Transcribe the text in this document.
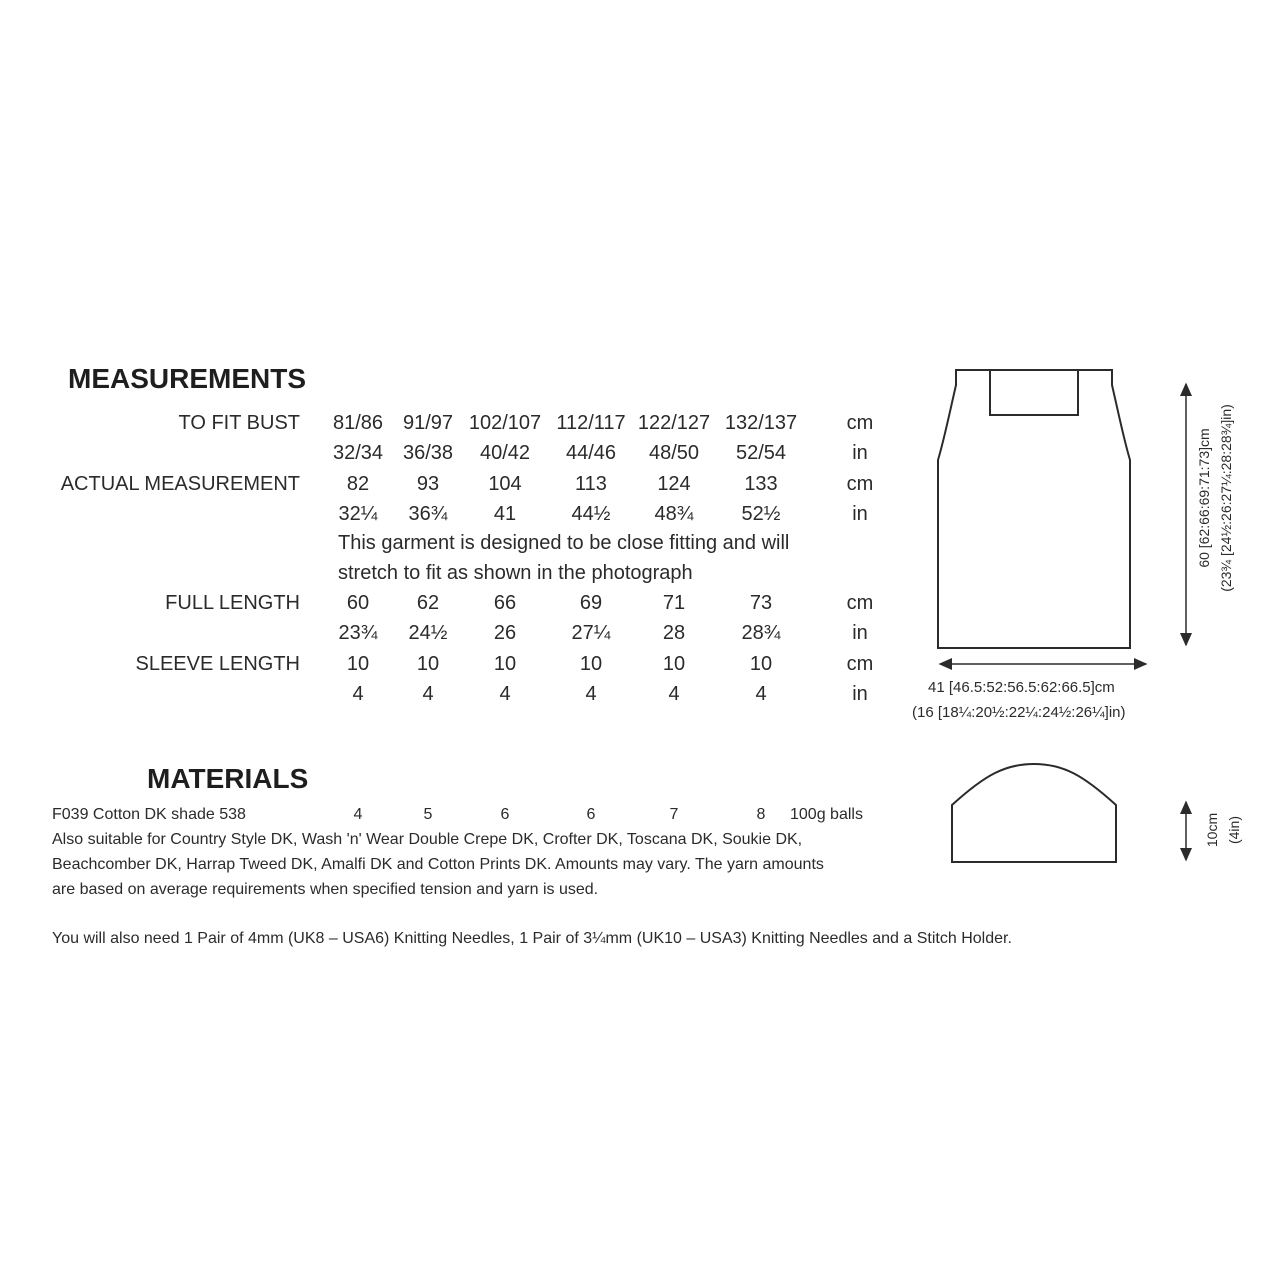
MEASUREMENTS
TO FIT BUST	81/86 91/97 102/107 112/117 122/127 132/137	cm
32/34 36/38	40/42	44/46	48/50	52/54	in
ACTUAL MEASUREMENT	82	93	104	113	124	133	cm
32¼	36¾	41	44½	48¾	52½	in
FULL LENGTH	60	62	66	69	71	73	cm
23¾	24½	26	27¼	28	28¾	in
SLEEVE LENGTH	10	10	10	10	10	10	cm
4	4	4	4	4	4	in
This garment is designed to be close fitting and will
stretch to fit as shown in the photograph
MATERIALS
F039 Cotton DK shade 538	4	5	6	6	7	8	100g balls
Also suitable for Country Style DK, Wash 'n' Wear Double Crepe DK, Crofter DK, Toscana DK, Soukie DK,
Beachcomber DK, Harrap Tweed DK, Amalfi DK and Cotton Prints DK. Amounts may vary. The yarn amounts
are based on average requirements when specified tension and yarn is used.
You will also need 1 Pair of 4mm (UK8 – USA6) Knitting Needles, 1 Pair of 3¼mm (UK10 – USA3) Knitting Needles and a Stitch Holder.
60 [62:66:69:71:73]cm (23¾ [24½:26:27¼:28:28¾]in)
41 [46.5:52:56.5:62:66.5]cm
(16 [18¼:20½:22¼:24½:26¼]in)
10cm (4in)
